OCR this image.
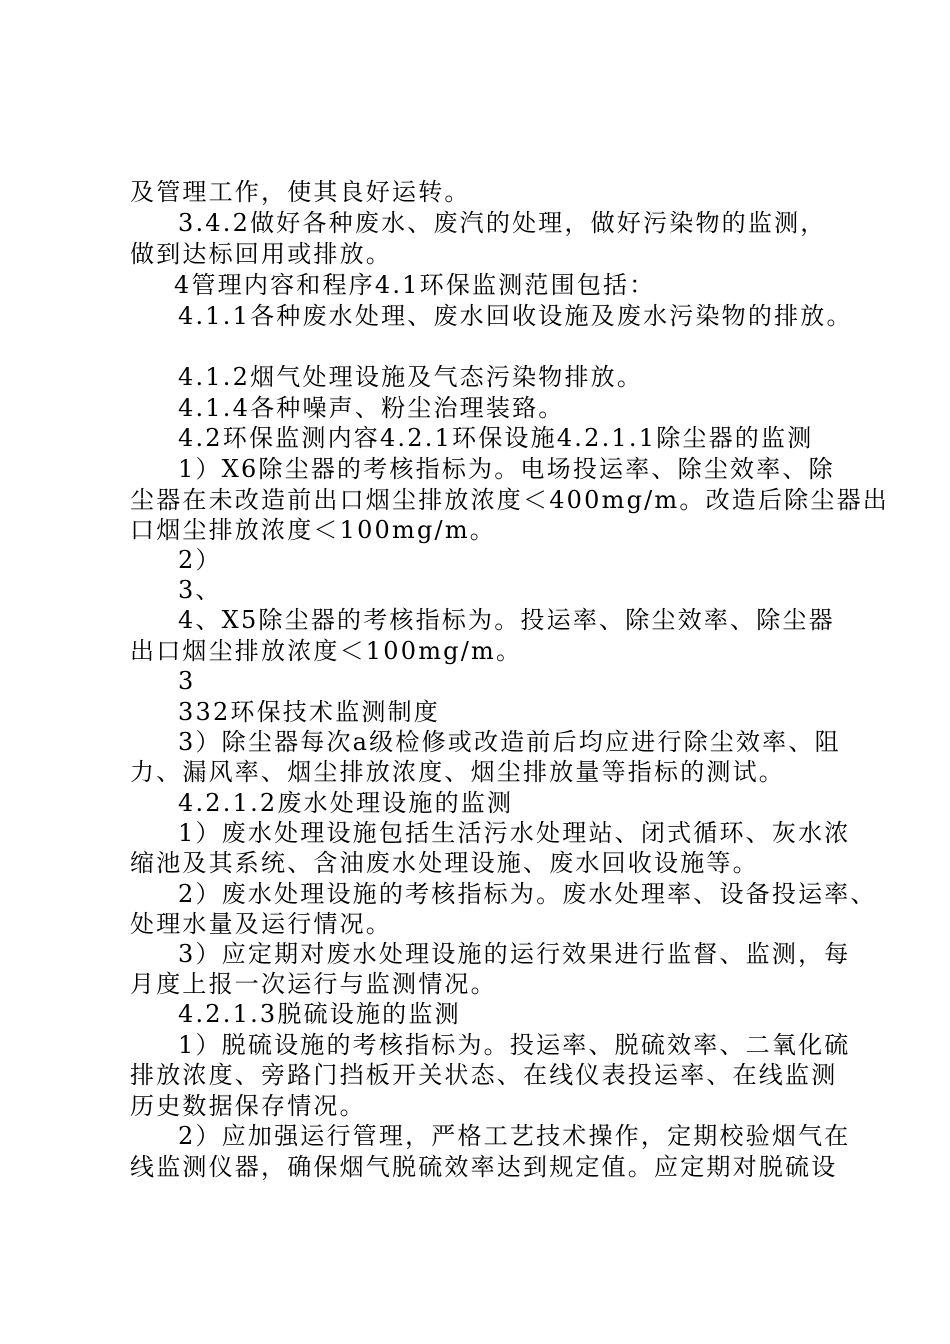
及管理工作，使其良好运转。
3.4.2做好各种废水、废汽的处理，做好污染物的监测，
做到达标回用或排放。
4管理内容和程序4.1环保监测范围包括：
4.1.1各种废水处理、废水回收设施及废水污染物的排放。
4.1.2烟气处理设施及气态污染物排放。
4.1.4各种噪声、粉尘治理装臵。
4.2环保监测内容4.2.1环保设施4.2.1.1除尘器的监测
1）X6除尘器的考核指标为。电场投运率、除尘效率、除
尘器在未改造前出口烟尘排放浓度＜400mg/m。改造后除尘器出
口烟尘排放浓度＜100mg/m。
2）
3、
4、X5除尘器的考核指标为。投运率、除尘效率、除尘器
出口烟尘排放浓度＜100mg/m。
3
332环保技术监测制度
3）除尘器每次a级检修或改造前后均应进行除尘效率、阻
力、漏风率、烟尘排放浓度、烟尘排放量等指标的测试。
4.2.1.2废水处理设施的监测
1）废水处理设施包括生活污水处理站、闭式循环、灰水浓
缩池及其系统、含油废水处理设施、废水回收设施等。
2）废水处理设施的考核指标为。废水处理率、设备投运率、
处理水量及运行情况。
3）应定期对废水处理设施的运行效果进行监督、监测，每
月度上报一次运行与监测情况。
4.2.1.3脱硫设施的监测
1）脱硫设施的考核指标为。投运率、脱硫效率、二氧化硫
排放浓度、旁路门挡板开关状态、在线仪表投运率、在线监测
历史数据保存情况。
2）应加强运行管理，严格工艺技术操作，定期校验烟气在
线监测仪器，确保烟气脱硫效率达到规定值。应定期对脱硫设
